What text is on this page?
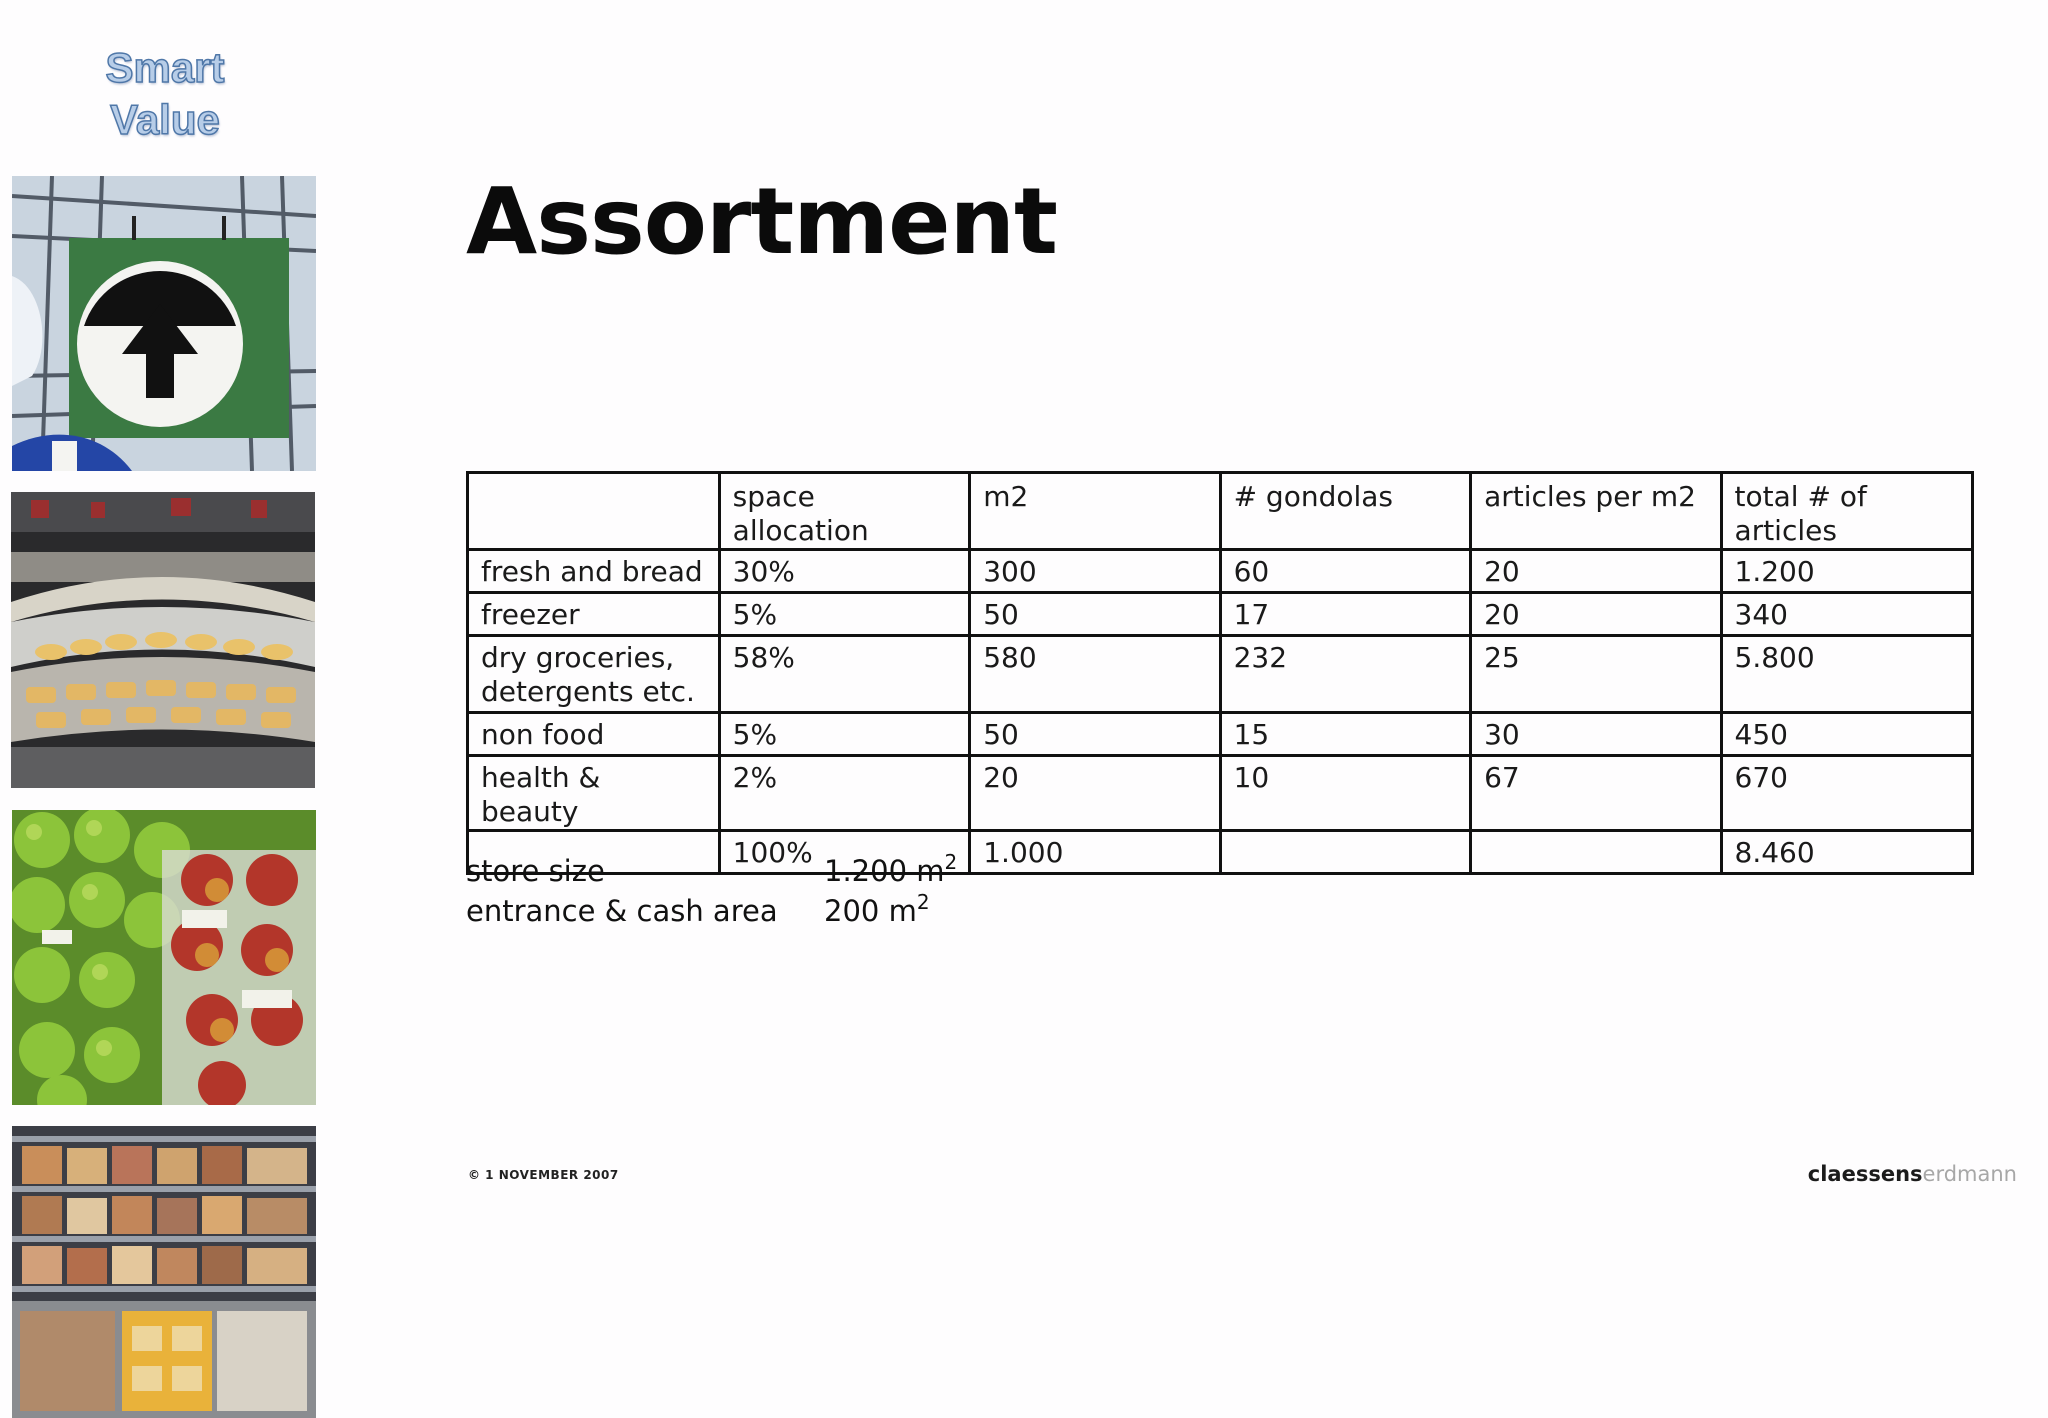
Smart
Value
Assortment
	space allocation	m2	# gondolas	articles per m2	total # of articles
fresh and bread	30%	300	60	20	1.200
freezer	5%	50	17	20	340
dry groceries, detergents etc.	58%	580	232	25	5.800
non food	5%	50	15	30	450
health & beauty	2%	20	10	67	670
	100%	1.000			8.460
store size	1.200 $m^2$
entrance & cash area	200 $m^2$
© 1 NOVEMBER 2007	claessenserdmann
